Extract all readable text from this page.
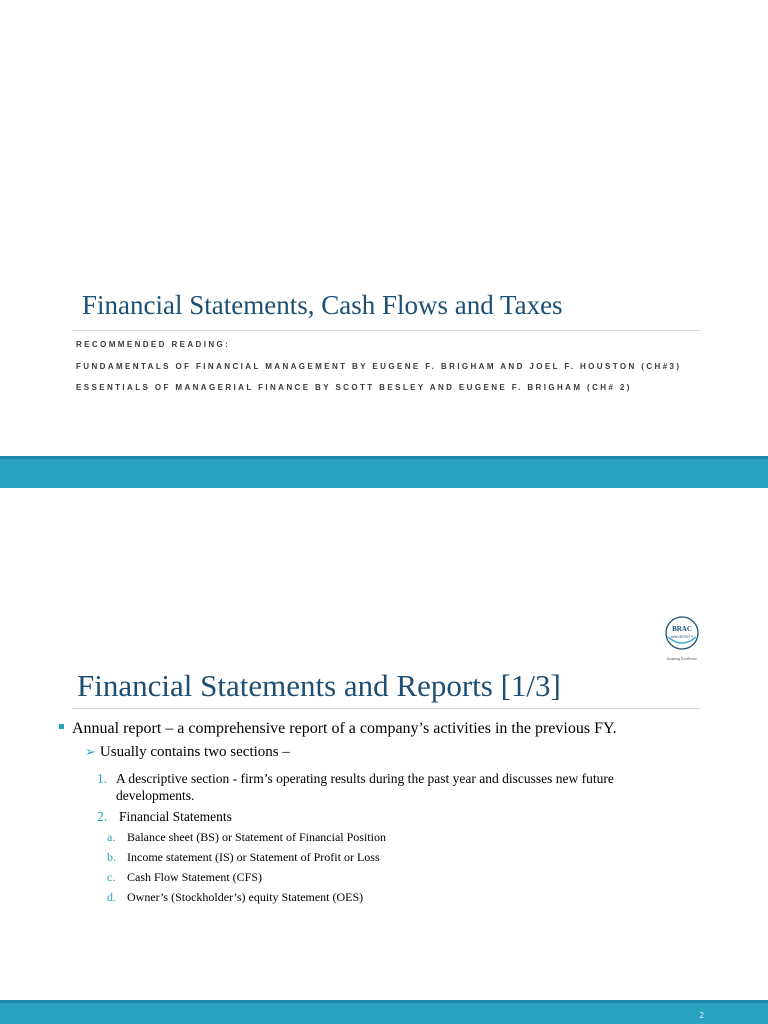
Financial Statements, Cash Flows and Taxes
RECOMMENDED READING:
FUNDAMENTALS OF FINANCIAL MANAGEMENT BY EUGENE F. BRIGHAM AND JOEL F. HOUSTON (CH#3)
ESSENTIALS OF MANAGERIAL FINANCE BY SCOTT BESLEY AND EUGENE F. BRIGHAM (CH# 2)
BRAC
UNIVERSITY
Inspiring Excellence
Financial Statements and Reports [1/3]
Annual report – a comprehensive report of a company’s activities in the previous FY.
➢ Usually contains two sections –
1. A descriptive section - firm’s operating results during the past year and discusses new future
developments.
2. Financial Statements
a. Balance sheet (BS) or Statement of Financial Position
b. Income statement (IS) or Statement of Profit or Loss
c. Cash Flow Statement (CFS)
d. Owner’s (Stockholder’s) equity Statement (OES)
2
